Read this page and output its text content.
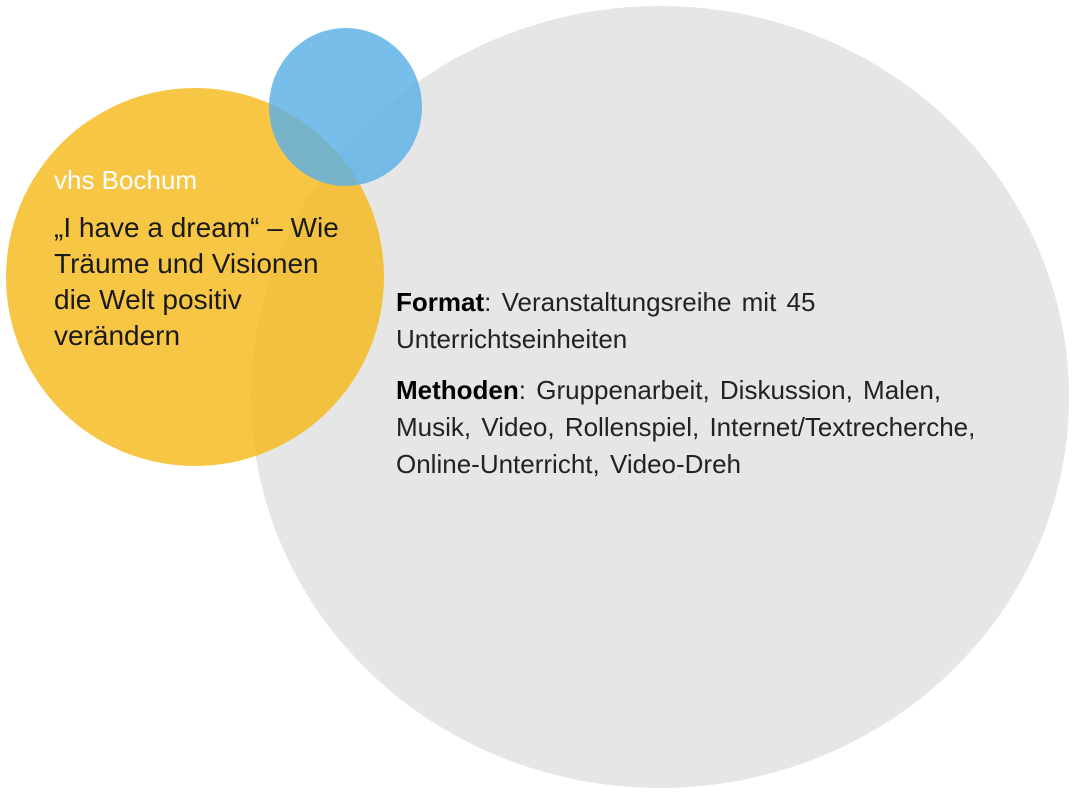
vhs Bochum
„I have a dream“ – Wie Träume und Visionen die Welt positiv verändern

Format: Veranstaltungsreihe mit 45 Unterrichtseinheiten

Methoden: Gruppenarbeit, Diskussion, Malen, Musik, Video, Rollenspiel, Internet/Textrecherche, Online-Unterricht, Video-Dreh
